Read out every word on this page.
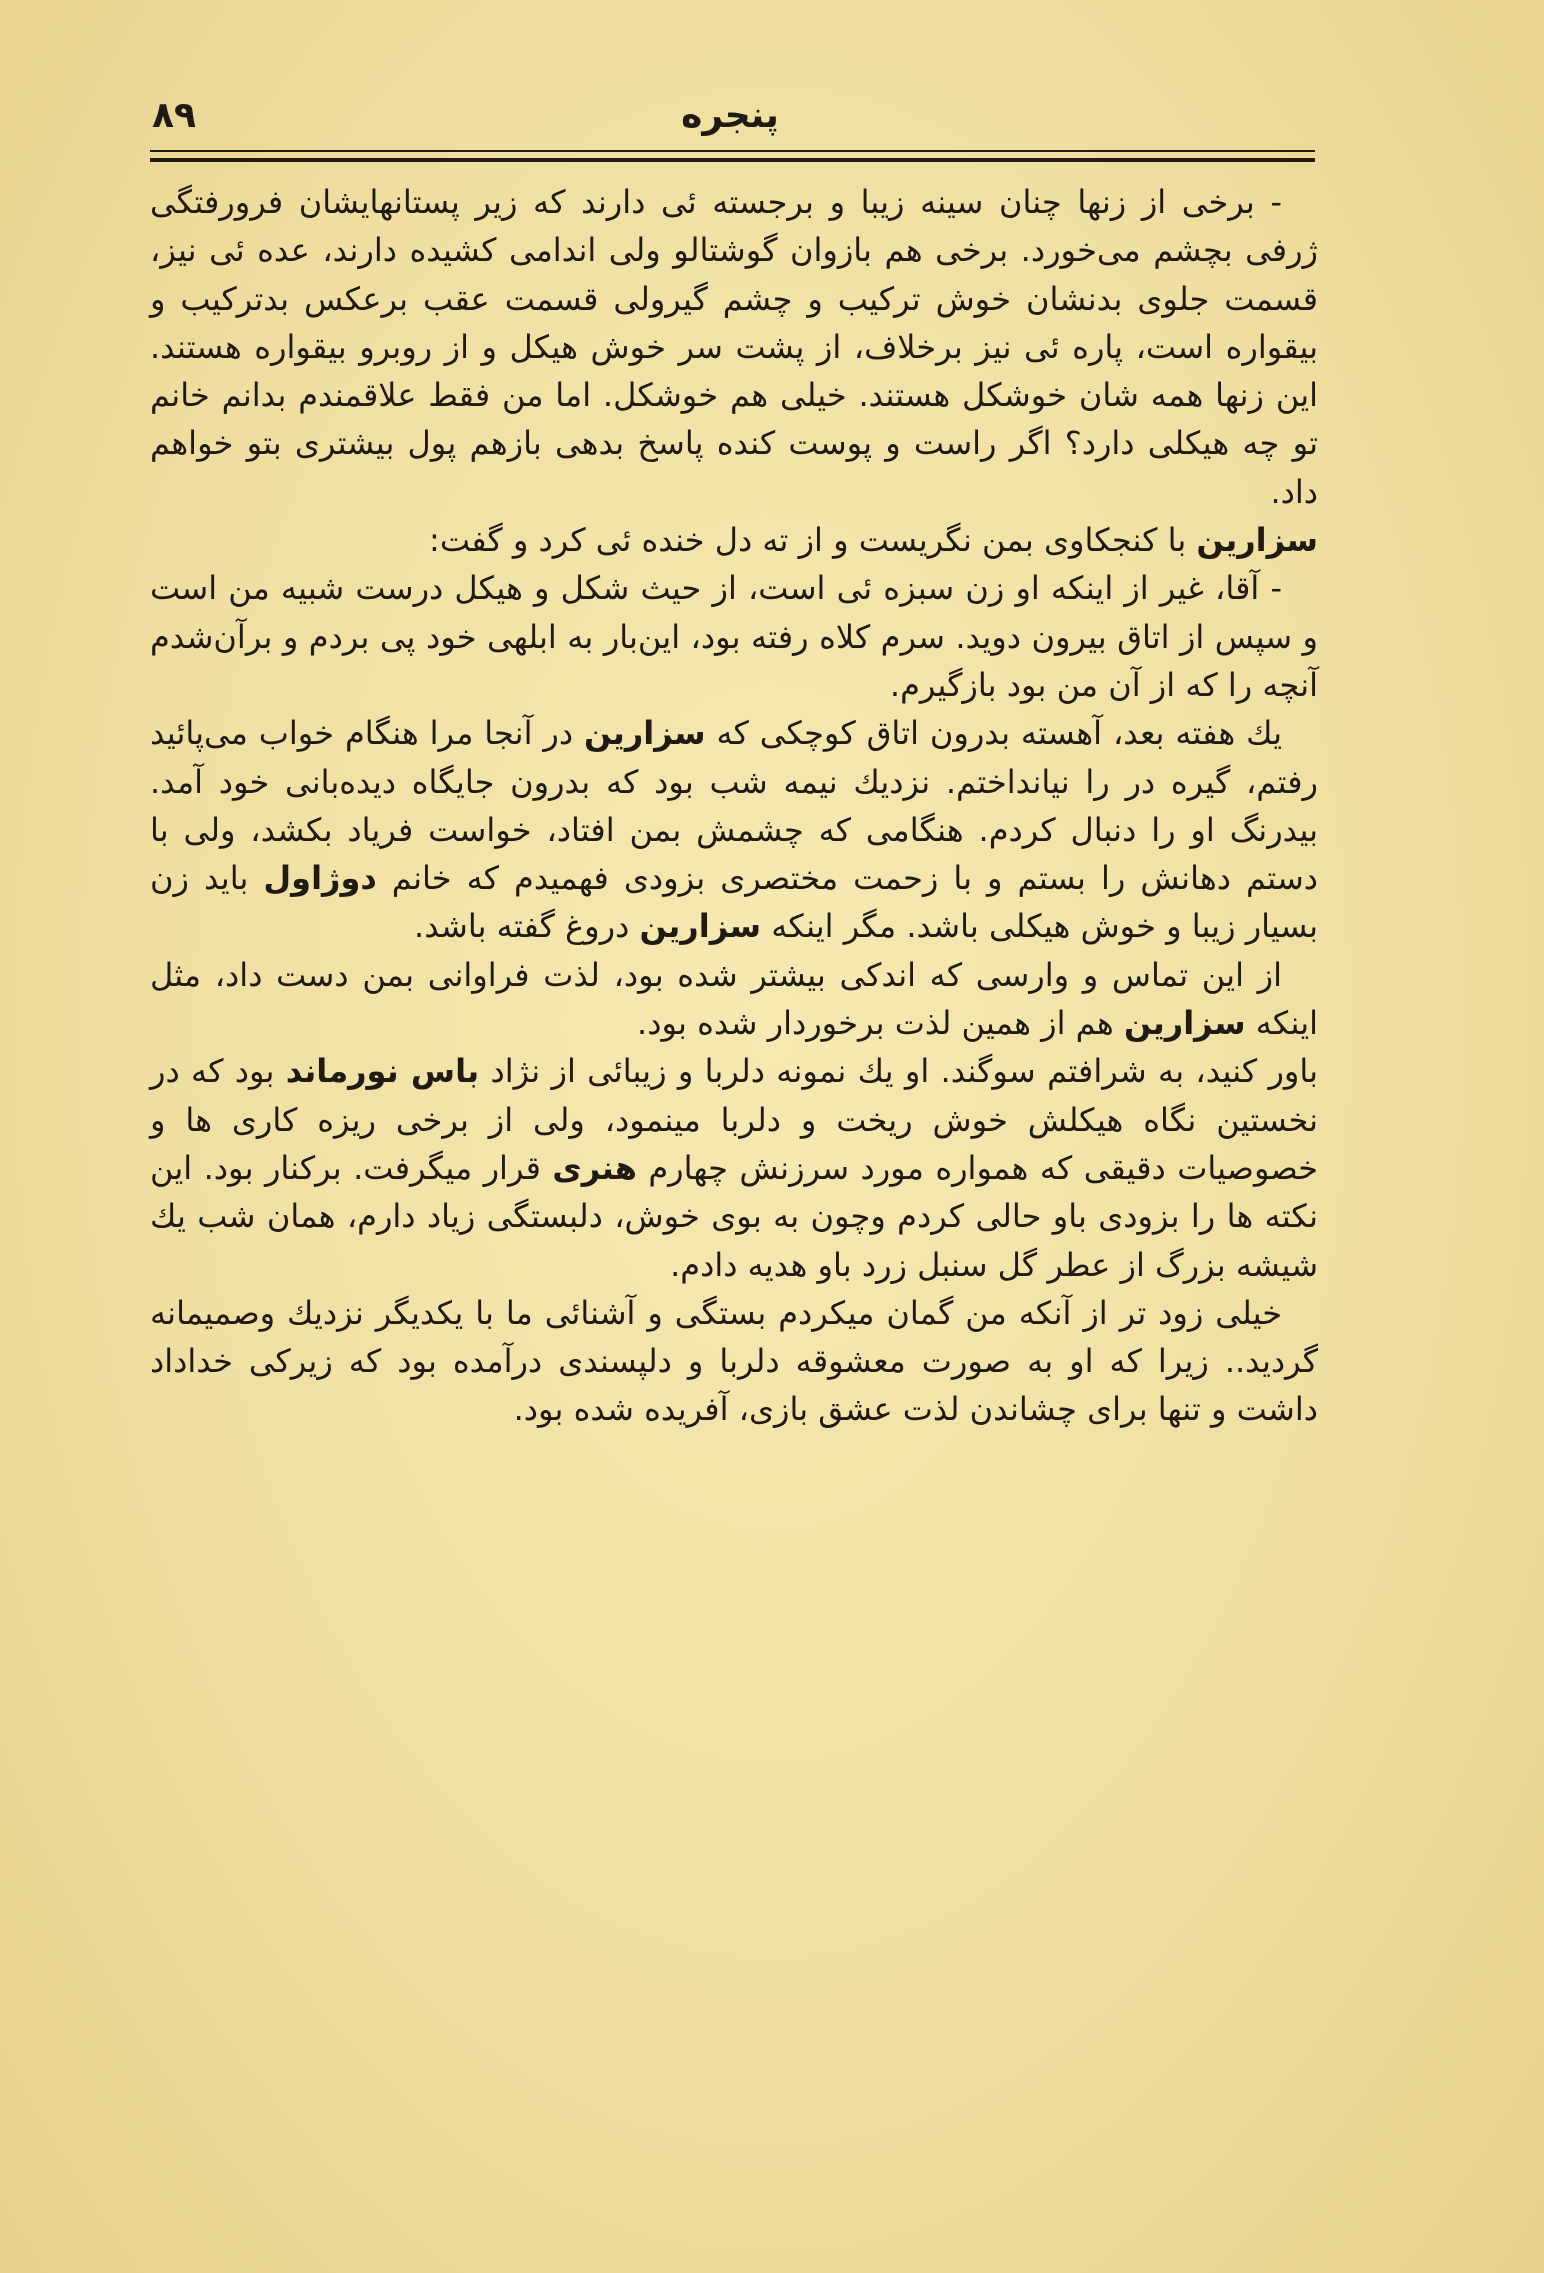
۸۹	پنجره

- برخی از زنها چنان سینه زیبا و برجسته ئی دارند که زیر پستانهایشان فرورفتگی ژرفی بچشم می‌خورد. برخی هم بازوان گوشتالو ولی اندامی کشیده دارند، عده ئی نیز، قسمت جلوی بدنشان خوش ترکیب و چشم گیرولی قسمت عقب برعکس بدترکیب و بیقواره است، پاره ئی نیز برخلاف، از پشت سر خوش هیکل و از روبرو بیقواره هستند. این زنها همه شان خوشکل هستند. خیلی هم خوشکل. اما من فقط علاقمندم بدانم خانم تو چه هیکلی دارد؟ اگر راست و پوست کنده پاسخ بدهی بازهم پول بیشتری بتو خواهم داد.

سزارین با کنجکاوی بمن نگریست و از ته دل خنده ئی کرد و گفت:

- آقا، غیر از اینکه او زن سبزه ئی است، از حیث شکل و هیکل درست شبیه من است و سپس از اتاق بیرون دوید. سرم کلاه رفته بود، این‌بار به ابلهی خود پی بردم و برآن‌شدم آنچه را که از آن من بود بازگیرم.

یك هفته بعد، آهسته بدرون اتاق کوچکی که سزارین در آنجا مرا هنگام خواب می‌پائید رفتم، گیره در را نیانداختم. نزدیك نیمه شب بود که بدرون جایگاه دیده‌بانی خود آمد. بیدرنگ او را دنبال کردم. هنگامی که چشمش بمن افتاد، خواست فریاد بکشد، ولی با دستم دهانش را بستم و با زحمت مختصری بزودی فهمیدم که خانم دوژاول باید زن بسیار زیبا و خوش هیکلی باشد. مگر اینکه سزارین دروغ گفته باشد.

از این تماس و وارسی که اندکی بیشتر شده بود، لذت فراوانی بمن دست داد، مثل اینکه سزارین هم از همین لذت برخوردار شده بود.

باور کنید، به شرافتم سوگند. او یك نمونه دلربا و زیبائی از نژاد باس نورماند بود که در نخستین نگاه هیکلش خوش ریخت و دلربا مینمود، ولی از برخی ریزه کاری ها و خصوصیات دقیقی که همواره مورد سرزنش چهارم هنری قرار میگرفت. برکنار بود. این نکته ها را بزودی باو حالی کردم وچون به بوی خوش، دلبستگی زیاد دارم، همان شب یك شیشه بزرگ از عطر گل سنبل زرد باو هدیه دادم.

خیلی زود تر از آنکه من گمان میکردم بستگی و آشنائی ما با یکدیگر نزدیك وصمیمانه گردید.. زیرا که او به صورت معشوقه دلربا و دلپسندی درآمده بود که زیرکی خداداد داشت و تنها برای چشاندن لذت عشق بازی، آفریده شده بود.
